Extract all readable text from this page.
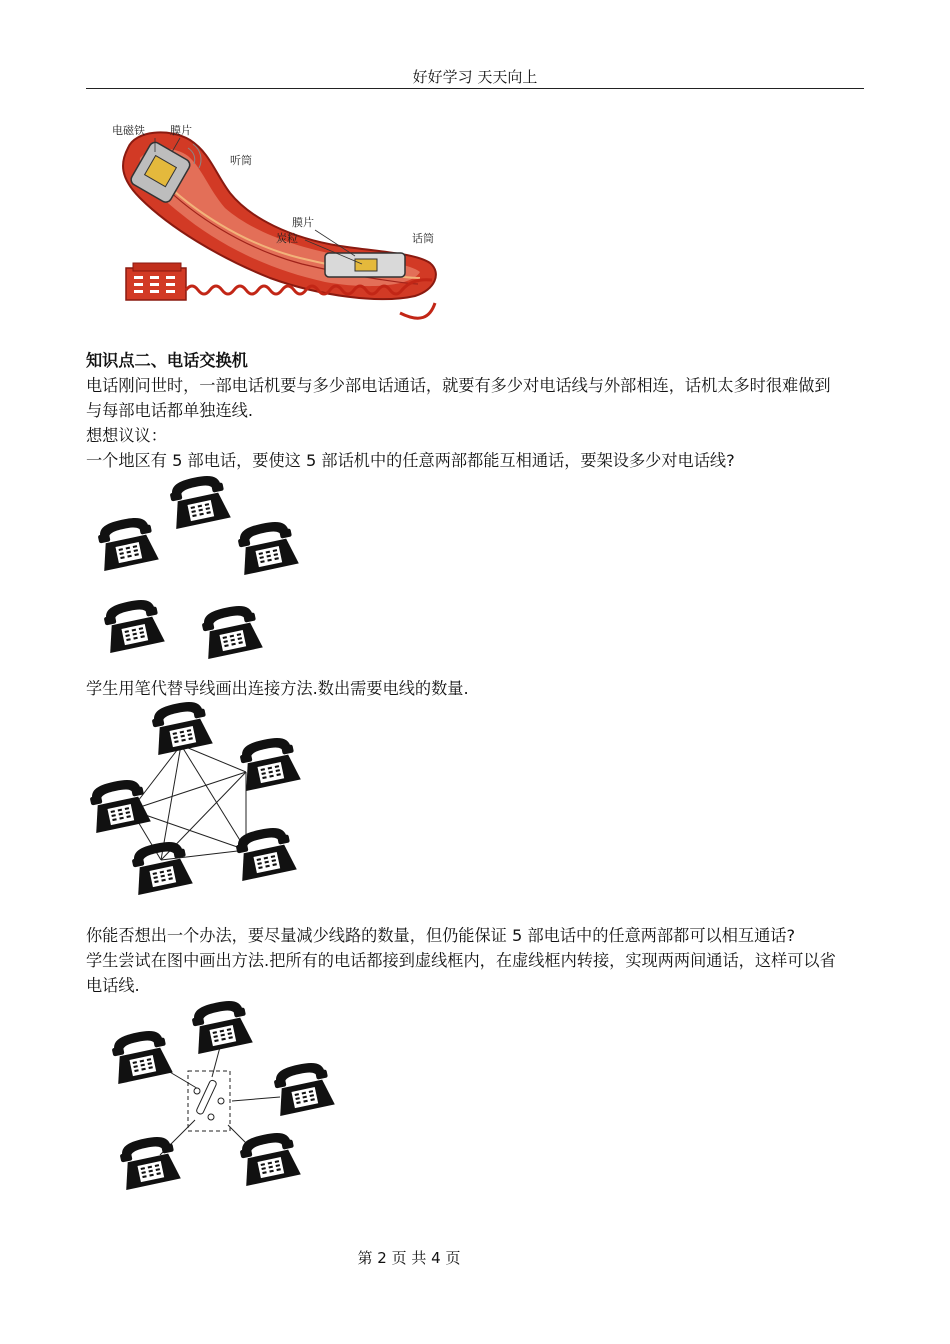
好好学习 天天向上
电磁铁 膜片
听筒
膜片
炭粒	话筒

知识点二、电话交换机

电话刚问世时，一部电话机要与多少部电话通话，就要有多少对电话线与外部相连，话机太多时很难做到

与每部电话都单独连线.

想想议议：

一个地区有 5 部电话，要使这 5 部话机中的任意两部都能互相通话，要架设多少对电话线?

学生用笔代替导线画出连接方法.数出需要电线的数量.

你能否想出一个办法，要尽量减少线路的数量，但仍能保证 5 部电话中的任意两部都可以相互通话?

学生尝试在图中画出方法.把所有的电话都接到虚线框内，在虚线框内转接，实现两两间通话，这样可以省

电话线.

第 2 页 共 4 页
